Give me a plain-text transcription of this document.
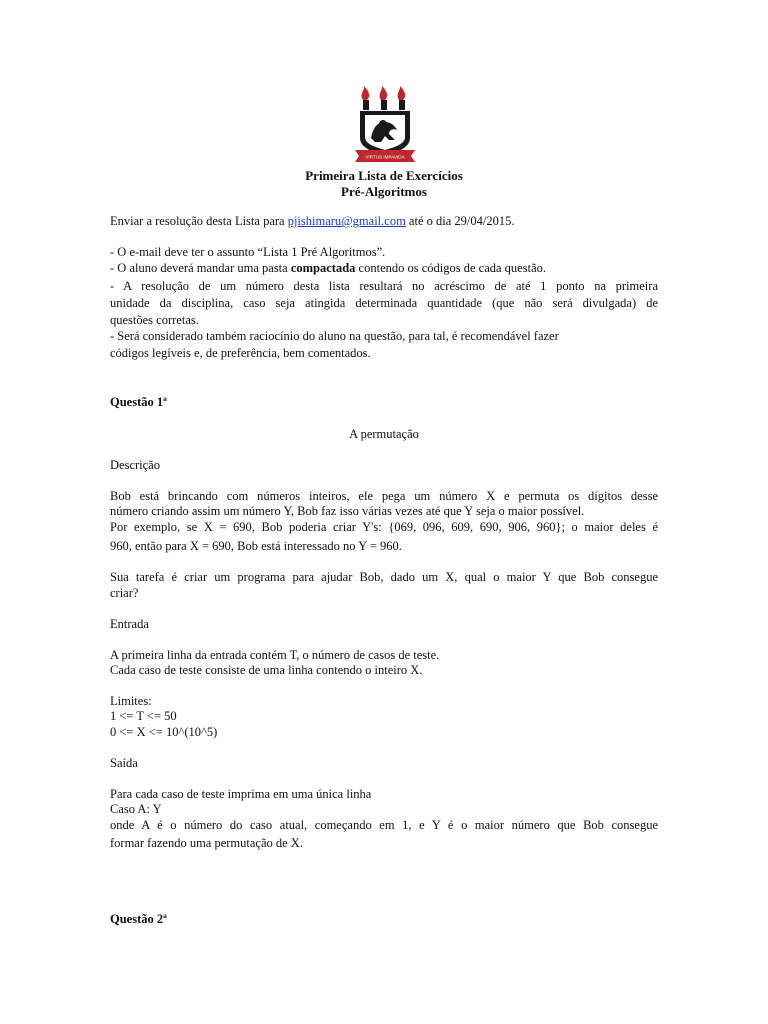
VIRTUS IMPAVIDA
Primeira Lista de Exercícios
Pré-Algoritmos
Enviar a resolução desta Lista para pjishimaru@gmail.com até o dia 29/04/2015.
- O e-mail deve ter o assunto “Lista 1 Pré Algoritmos”.
- O aluno deverá mandar uma pasta compactada contendo os códigos de cada questão.
- A resolução de um número desta lista resultará no acréscimo de até 1 ponto na primeira
unidade da disciplina, caso seja atingida determinada quantidade (que não será divulgada) de
questões corretas.
- Será considerado também raciocínio do aluno na questão, para tal, é recomendável fazer
códigos legíveis e, de preferência, bem comentados.
Questão 1ª
A permutação
Descrição
Bob está brincando com números inteiros, ele pega um número X e permuta os dígitos desse
número criando assim um número Y, Bob faz isso várias vezes até que Y seja o maior possível.
Por exemplo, se X = 690, Bob poderia criar Y's: {069, 096, 609, 690, 906, 960}; o maior deles é
960, então para X = 690, Bob está interessado no Y = 960.
Sua tarefa é criar um programa para ajudar Bob, dado um X, qual o maior Y que Bob consegue
criar?
Entrada
A primeira linha da entrada contém T, o número de casos de teste.
Cada caso de teste consiste de uma linha contendo o inteiro X.
Limites:
1 <= T <= 50
0 <= X <= 10^(10^5)
Saída
Para cada caso de teste imprima em uma única linha
Caso A: Y
onde A é o número do caso atual, começando em 1, e Y é o maior número que Bob consegue
formar fazendo uma permutação de X.
Questão 2ª
